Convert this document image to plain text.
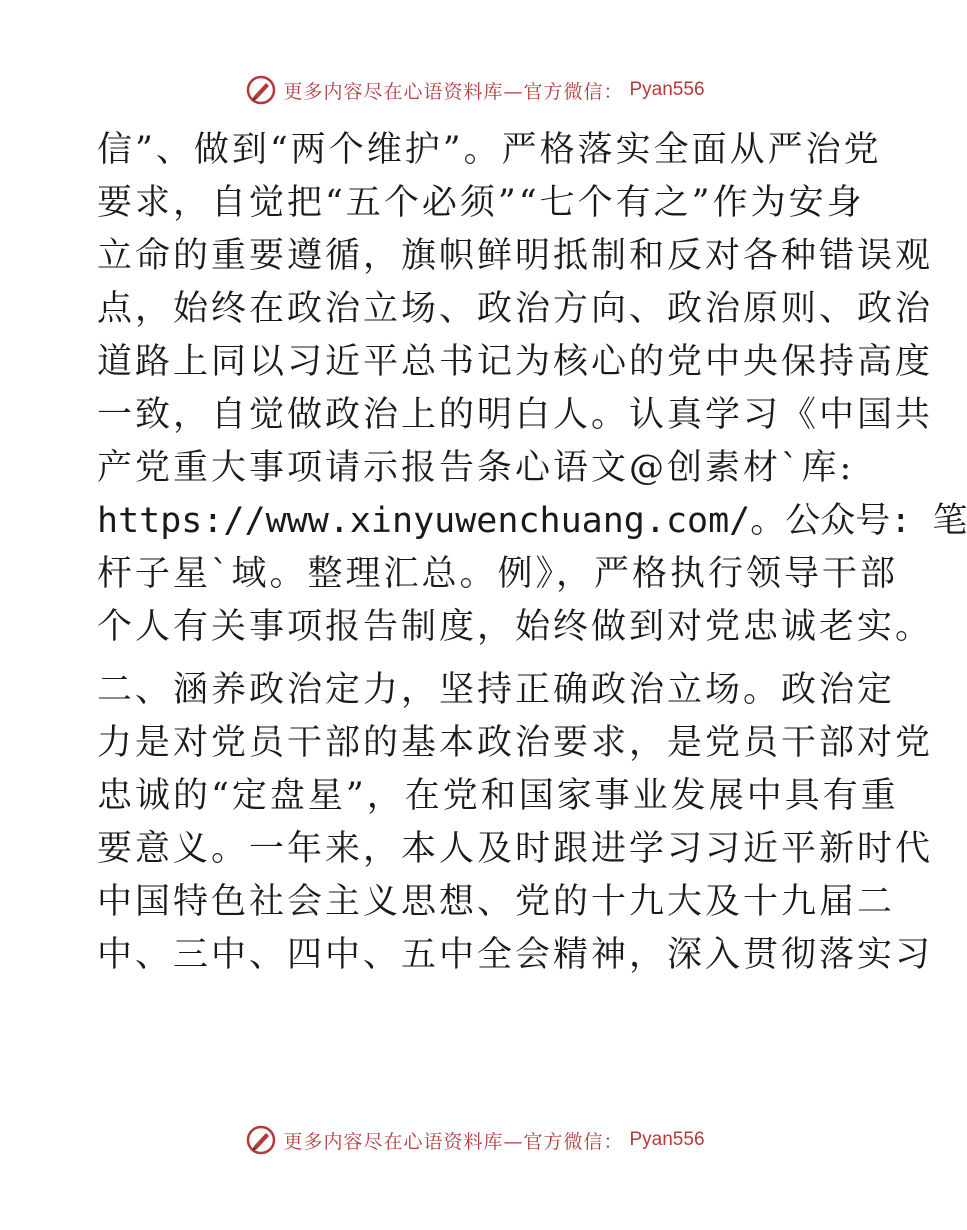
更多内容尽在心语资料库—官方微信： Pyan556
信”、做到“两个维护”。严格落实全面从严治党
要求，自觉把“五个必须”“七个有之”作为安身
立命的重要遵循，旗帜鲜明抵制和反对各种错误观
点，始终在政治立场、政治方向、政治原则、政治
道路上同以习近平总书记为核心的党中央保持高度
一致，自觉做政治上的明白人。认真学习《中国共
产党重大事项请示报告条心语文@创素材`库:
https://www.xinyuwenchuang.com/。公众号: 笔
杆子星`域。整理汇总。例》，严格执行领导干部
个人有关事项报告制度，始终做到对党忠诚老实。
二、涵养政治定力，坚持正确政治立场。政治定
力是对党员干部的基本政治要求，是党员干部对党
忠诚的“定盘星”，在党和国家事业发展中具有重
要意义。一年来，本人及时跟进学习习近平新时代
中国特色社会主义思想、党的十九大及十九届二
中、三中、四中、五中全会精神，深入贯彻落实习
更多内容尽在心语资料库—官方微信： Pyan556
